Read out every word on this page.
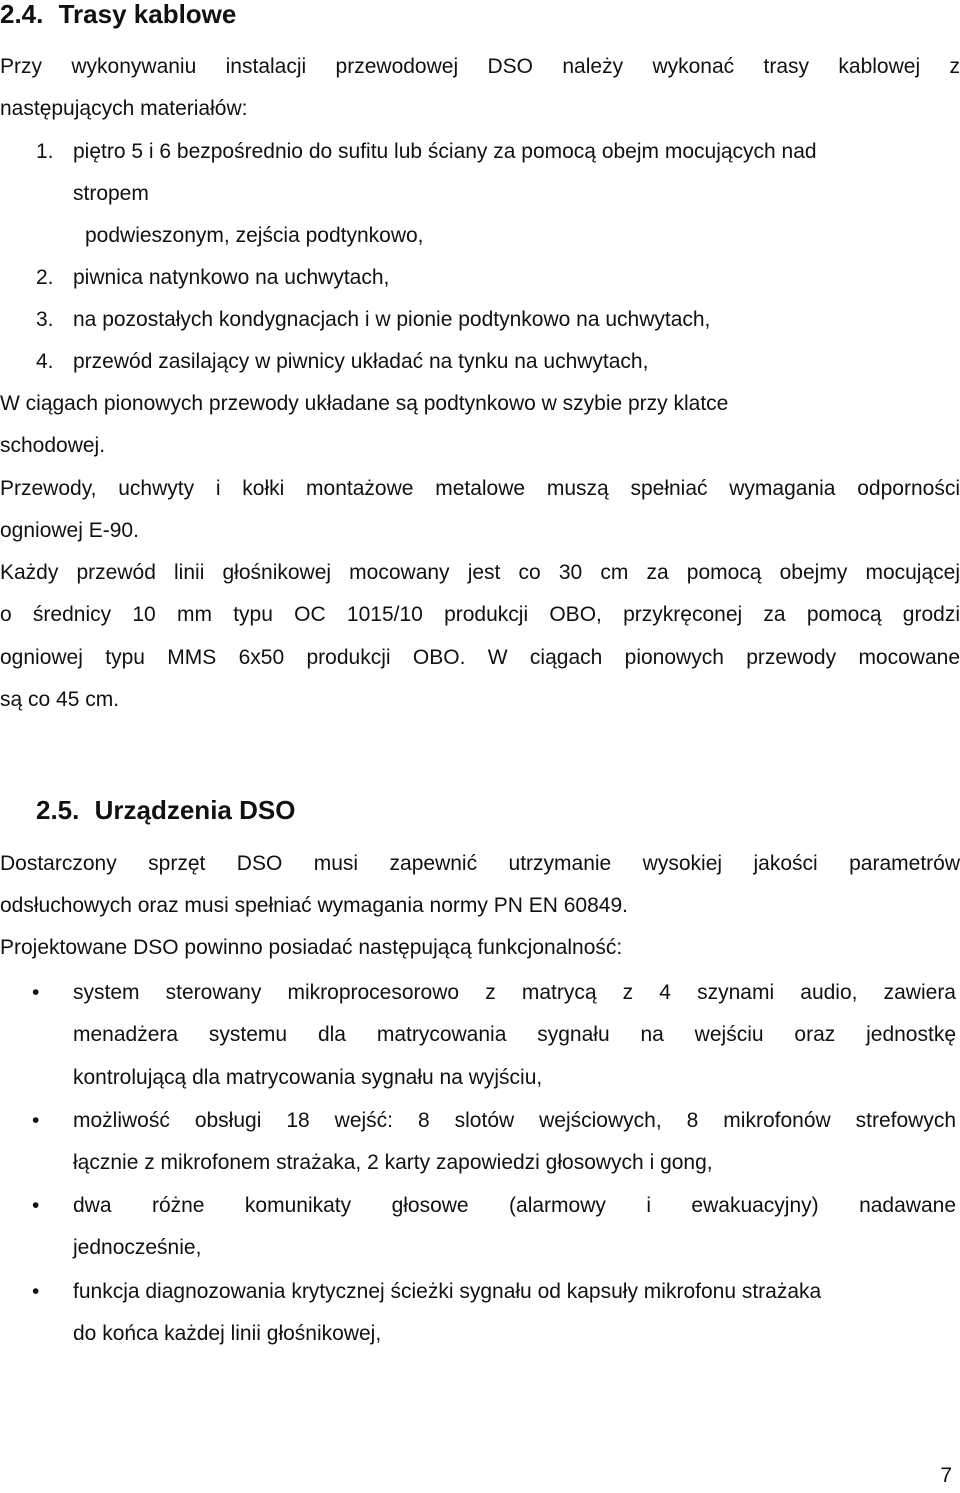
2.4. Trasy kablowe
Przy wykonywaniu instalacji przewodowej DSO należy wykonać trasy kablowej z
następujących materiałów:
1. piętro 5 i 6 bezpośrednio do sufitu lub ściany za pomocą obejm mocujących nad
stropem
podwieszonym, zejścia podtynkowo,
2. piwnica natynkowo na uchwytach,
3. na pozostałych kondygnacjach i w pionie podtynkowo na uchwytach,
4. przewód zasilający w piwnicy układać na tynku na uchwytach,
W ciągach pionowych przewody układane są podtynkowo w szybie przy klatce
schodowej.
Przewody, uchwyty i kołki montażowe metalowe muszą spełniać wymagania odporności
ogniowej E-90.
Każdy przewód linii głośnikowej mocowany jest co 30 cm za pomocą obejmy mocującej
o średnicy 10 mm typu OC 1015/10 produkcji OBO, przykręconej za pomocą grodzi
ogniowej typu MMS 6x50 produkcji OBO. W ciągach pionowych przewody mocowane
są co 45 cm.
2.5. Urządzenia DSO
Dostarczony sprzęt DSO musi zapewnić utrzymanie wysokiej jakości parametrów
odsłuchowych oraz musi spełniać wymagania normy PN EN 60849.
Projektowane DSO powinno posiadać następującą funkcjonalność:
• system sterowany mikroprocesorowo z matrycą z 4 szynami audio, zawiera
menadżera systemu dla matrycowania sygnału na wejściu oraz jednostkę
kontrolującą dla matrycowania sygnału na wyjściu,
• możliwość obsługi 18 wejść: 8 slotów wejściowych, 8 mikrofonów strefowych
łącznie z mikrofonem strażaka, 2 karty zapowiedzi głosowych i gong,
• dwa różne komunikaty głosowe (alarmowy i ewakuacyjny) nadawane
jednocześnie,
• funkcja diagnozowania krytycznej ścieżki sygnału od kapsuły mikrofonu strażaka
do końca każdej linii głośnikowej,
7
